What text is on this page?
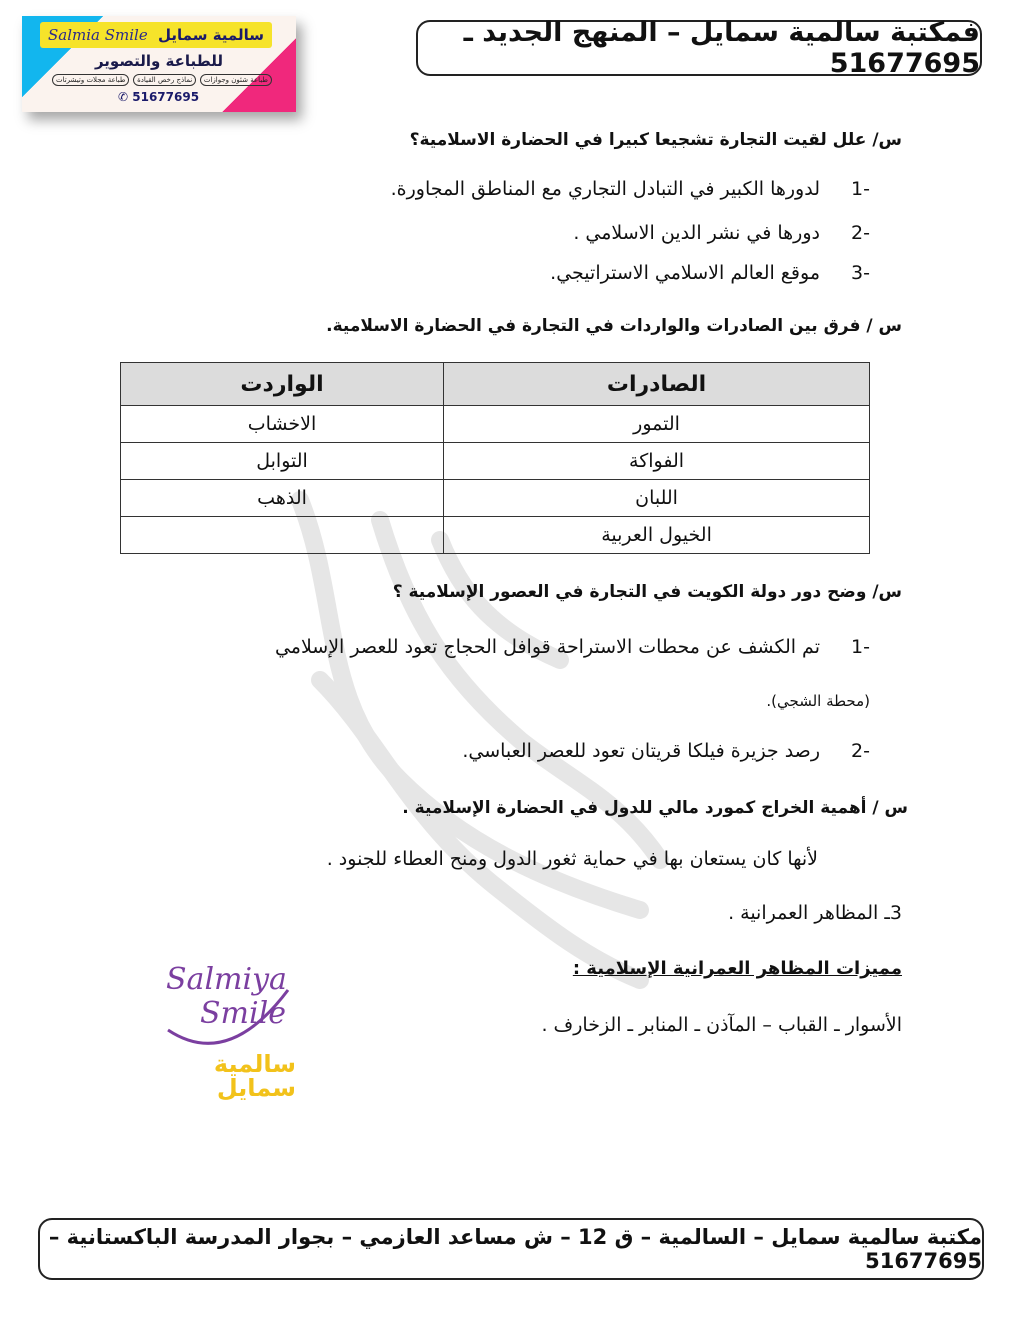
Salmia Smile سالمية سمايل
للطباعة والتصوير
طباعة شئون وجوازات
نماذج رخص القيادة
طباعة مجلات وتيشرتات
✆ 51677695
فمكتبة سالمية سمايل – المنهج الجديد ـ 51677695
س/ علل لقيت التجارة تشجيعا كبيرا في الحضارة الاسلامية؟
-1
لدورها الكبير في التبادل التجاري مع المناطق المجاورة.
-2
دورها في نشر الدين الاسلامي .
-3
موقع العالم الاسلامي الاستراتيجي.
س / فرق بين الصادرات والواردات في التجارة في الحضارة الاسلامية.
الصادرات	الواردت
التمور	الاخشاب
الفواكة	التوابل
اللبان	الذهب
الخيول العربية	
س/ وضح دور دولة الكويت في التجارة في العصور الإسلامية ؟
-1
تم الكشف عن محطات الاستراحة قوافل الحجاج تعود للعصر الإسلامي
(محطة الشجي).
-2
رصد جزيرة فيلكا قريتان تعود للعصر العباسي.
س / أهمية الخراج كمورد مالي للدول في الحضارة الإسلامية .
لأنها كان يستعان بها في حماية ثغور الدول ومنح العطاء للجنود .
3ـ المظاهر العمرانية .
مميزات المظاهر العمرانية الإسلامية :
الأسوار ـ القباب – المآذن ـ المنابر ـ الزخارف .
Salmiya
Smile
سالمية سمايل
مكتبة سالمية سمايل – السالمية – ق 12 – ش مساعد العازمي – بجوار المدرسة الباكستانية – 51677695
